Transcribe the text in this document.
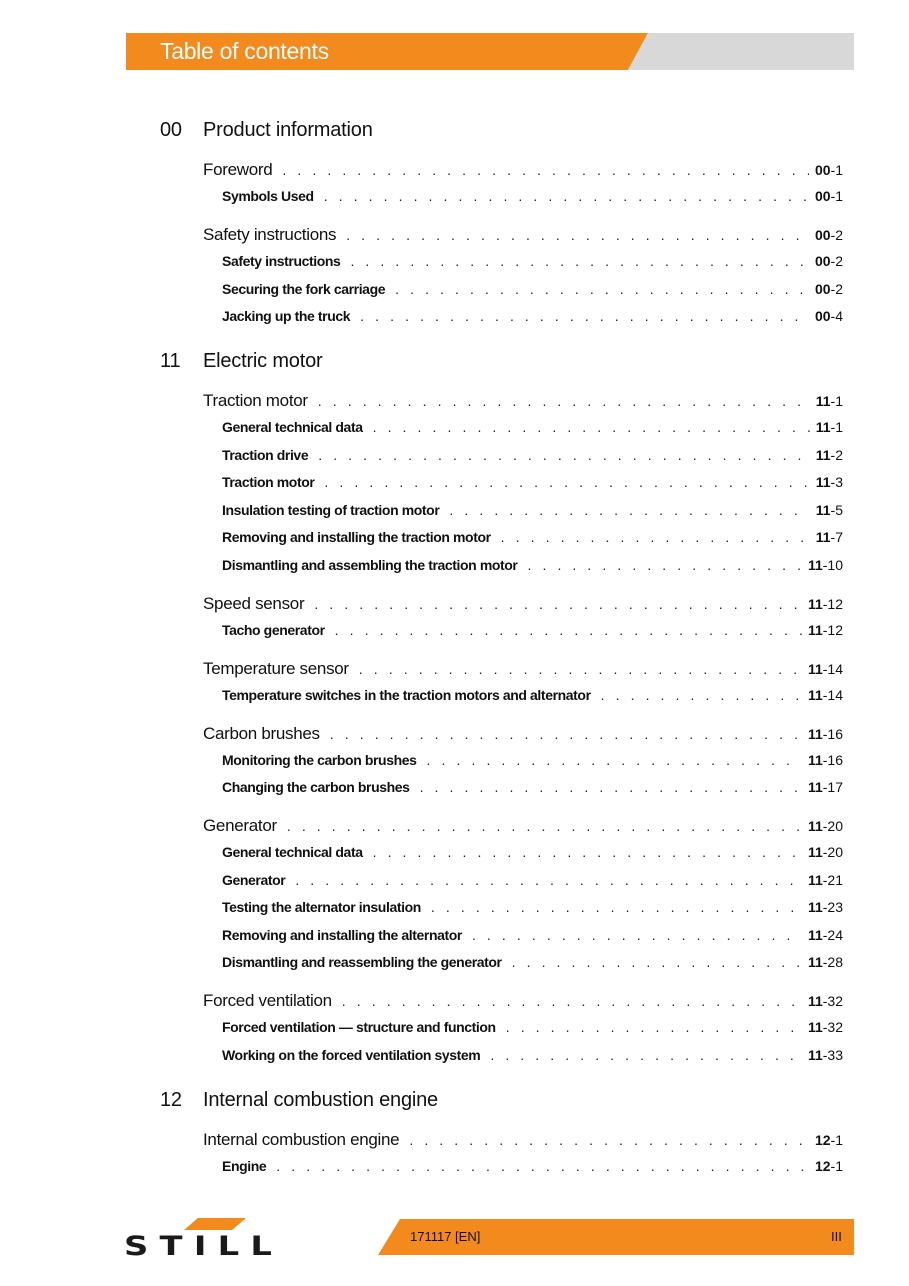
Table of contents
00 Product information
Foreword . . .	00-1
Symbols Used . . .	00-1
Safety instructions . . .	00-2
Safety instructions . . .	00-2
Securing the fork carriage . . .	00-2
Jacking up the truck . . .	00-4
11 Electric motor
Traction motor . . .	11-1
General technical data . . .	11-1
Traction drive . . .	11-2
Traction motor . . .	11-3
Insulation testing of traction motor . . .	11-5
Removing and installing the traction motor . . .	11-7
Dismantling and assembling the traction motor . . .	11-10
Speed sensor . . .	11-12
Tacho generator . . .	11-12
Temperature sensor . . .	11-14
Temperature switches in the traction motors and alternator . . .	11-14
Carbon brushes . . .	11-16
Monitoring the carbon brushes . . .	11-16
Changing the carbon brushes . . .	11-17
Generator . . .	11-20
General technical data . . .	11-20
Generator . . .	11-21
Testing the alternator insulation . . .	11-23
Removing and installing the alternator . . .	11-24
Dismantling and reassembling the generator . . .	11-28
Forced ventilation . . .	11-32
Forced ventilation — structure and function . . .	11-32
Working on the forced ventilation system . . .	11-33
12 Internal combustion engine
Internal combustion engine . . .	12-1
Engine . . .	12-1
STILL	171117 [EN]	III
